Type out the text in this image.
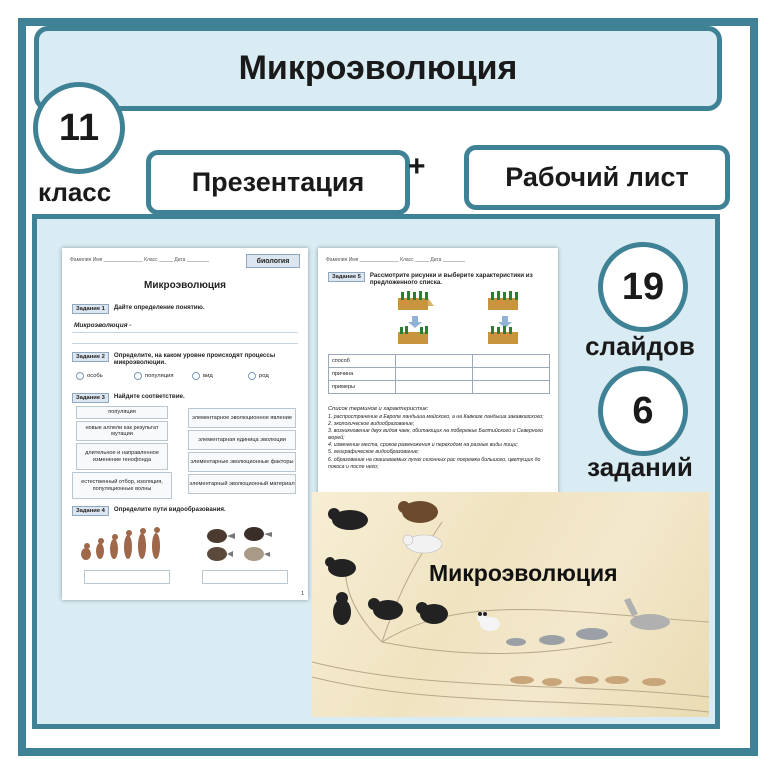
Микроэволюция
11
класс	Презентация	+	Рабочий лист
19
слайдов
6
заданий
Фамилия Имя ______________ Класс _____ Дата ________	биология
Микроэволюция
Задание 1	Дайте определение понятию.
Микроэволюция -
Задание 2	Определите, на каком уровне происходят процессы микроэволюции.
особь	популяция	вид	род
Задание 3	Найдите соответствие.
популяция
новые аллели как результат мутации
длительное и направленное изменение генофонда
естественный отбор, изоляция, популяционные волны
элементарное эволюционное явление
элементарная единица эволюции
элементарные эволюционные факторы
элементарный эволюционный материал
Задание 4	Определите пути видообразования.
1
Фамилия Имя ______________ Класс _____ Дата ________
Задание 5	Рассмотрите рисунки и выберите характеристики из предложенного списка.
способ		
причина		
примеры		
Список терминов и характеристик:
1. распространение в Европе ландыша майского, а на Кавказе ландыша закавказского;
2. экологическое видообразование;
3. возникновение двух видов чаек, обитающих на побережье Балтийского и Северного морей;
4. изменение места, сроков размножения и переходом на разные виды пищи;
5. географическое видообразование;
6. образование на скашиваемых лугах сезонных рас погремка большого, цветущих до покоса и после него;
Микроэволюция
